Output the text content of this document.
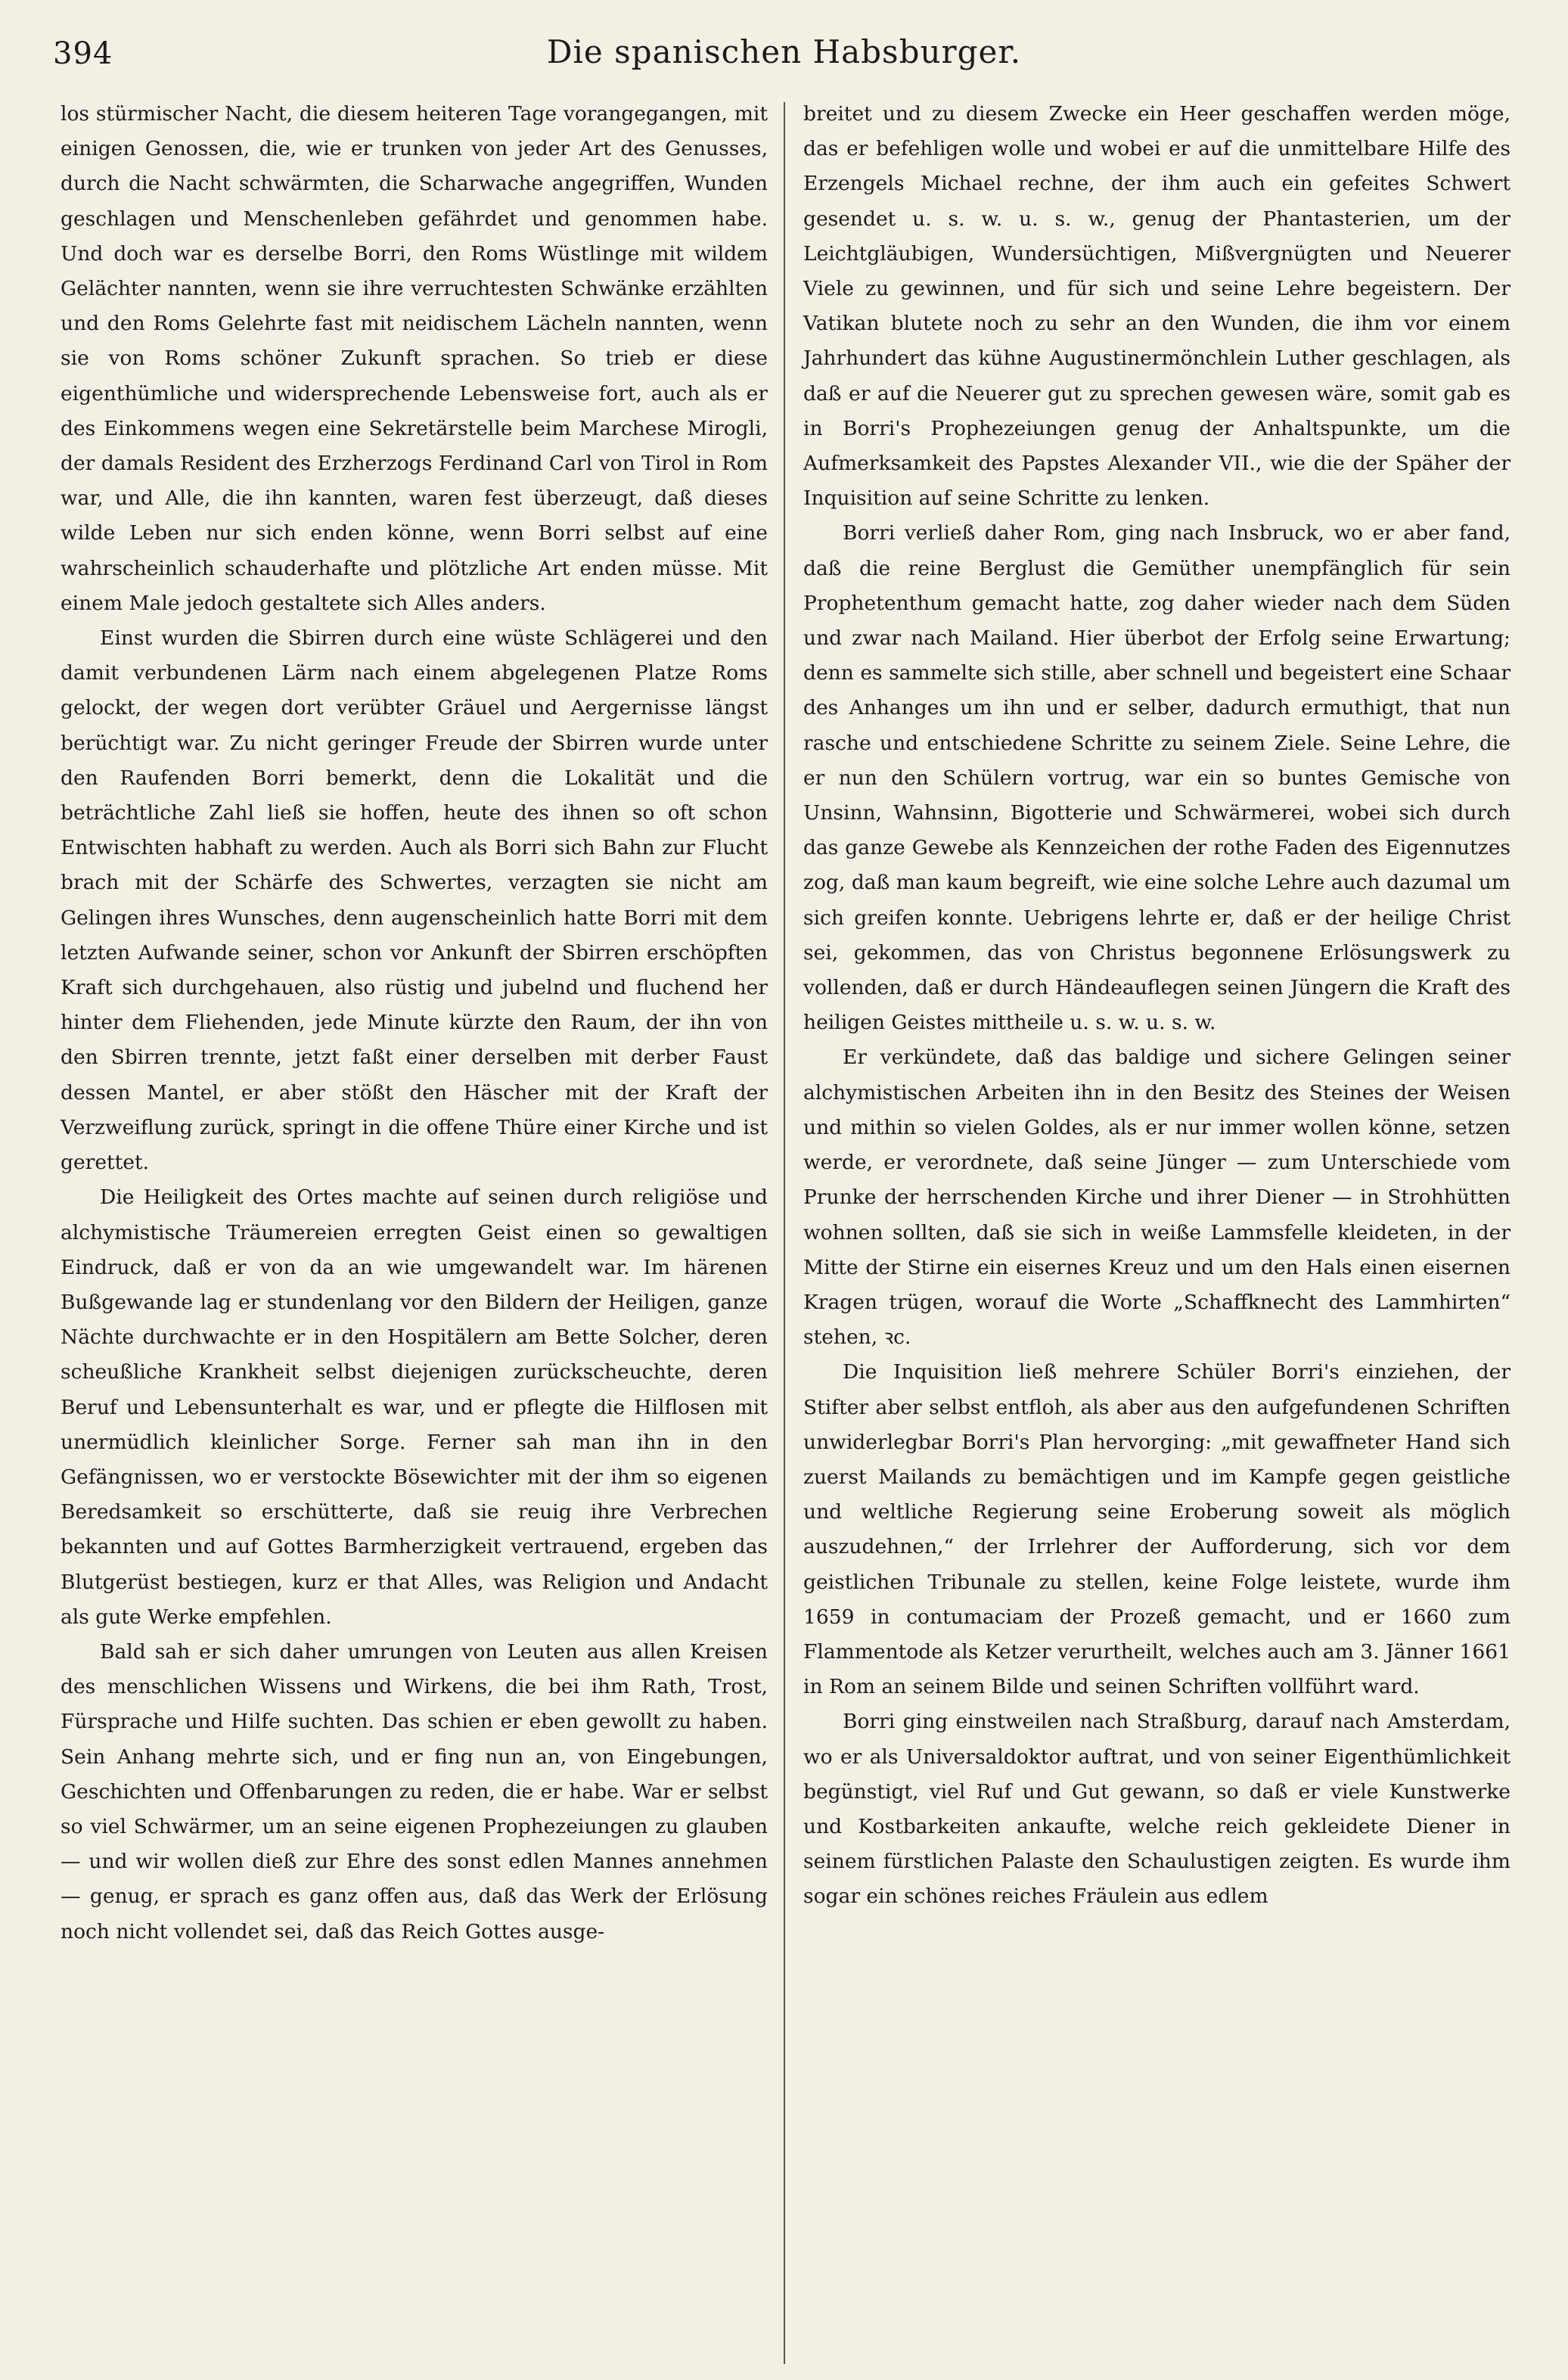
394	Die spanischen Habsburger.

los stürmischer Nacht, die diesem heiteren Tage vorangegangen, mit einigen Genossen, die, wie er trunken von jeder Art des Genusses, durch die Nacht schwärmten, die Scharwache angegriffen, Wunden geschlagen und Menschenleben gefährdet und genommen habe. Und doch war es derselbe Borri, den Roms Wüstlinge mit wildem Gelächter nannten, wenn sie ihre verruchtesten Schwänke erzählten und den Roms Gelehrte fast mit neidischem Lächeln nannten, wenn sie von Roms schöner Zukunft sprachen. So trieb er diese eigenthümliche und widersprechende Lebensweise fort, auch als er des Einkommens wegen eine Sekretärstelle beim Marchese Mirogli, der damals Resident des Erzherzogs Ferdinand Carl von Tirol in Rom war, und Alle, die ihn kannten, waren fest überzeugt, daß dieses wilde Leben nur sich enden könne, wenn Borri selbst auf eine wahrscheinlich schauderhafte und plötzliche Art enden müsse. Mit einem Male jedoch gestaltete sich Alles anders.

Einst wurden die Sbirren durch eine wüste Schlägerei und den damit verbundenen Lärm nach einem abgelegenen Platze Roms gelockt, der wegen dort verübter Gräuel und Aergernisse längst berüchtigt war. Zu nicht geringer Freude der Sbirren wurde unter den Raufenden Borri bemerkt, denn die Lokalität und die beträchtliche Zahl ließ sie hoffen, heute des ihnen so oft schon Entwischten habhaft zu werden. Auch als Borri sich Bahn zur Flucht brach mit der Schärfe des Schwertes, verzagten sie nicht am Gelingen ihres Wunsches, denn augenscheinlich hatte Borri mit dem letzten Aufwande seiner, schon vor Ankunft der Sbirren erschöpften Kraft sich durchgehauen, also rüstig und jubelnd und fluchend her hinter dem Fliehenden, jede Minute kürzte den Raum, der ihn von den Sbirren trennte, jetzt faßt einer derselben mit derber Faust dessen Mantel, er aber stößt den Häscher mit der Kraft der Verzweiflung zurück, springt in die offene Thüre einer Kirche und ist gerettet.

Die Heiligkeit des Ortes machte auf seinen durch religiöse und alchymistische Träumereien erregten Geist einen so gewaltigen Eindruck, daß er von da an wie umgewandelt war. Im härenen Bußgewande lag er stundenlang vor den Bildern der Heiligen, ganze Nächte durchwachte er in den Hospitälern am Bette Solcher, deren scheußliche Krankheit selbst diejenigen zurückscheuchte, deren Beruf und Lebensunterhalt es war, und er pflegte die Hilflosen mit unermüdlich kleinlicher Sorge. Ferner sah man ihn in den Gefängnissen, wo er verstockte Bösewichter mit der ihm so eigenen Beredsamkeit so erschütterte, daß sie reuig ihre Verbrechen bekannten und auf Gottes Barmherzigkeit vertrauend, ergeben das Blutgerüst bestiegen, kurz er that Alles, was Religion und Andacht als gute Werke empfehlen.

Bald sah er sich daher umrungen von Leuten aus allen Kreisen des menschlichen Wissens und Wirkens, die bei ihm Rath, Trost, Fürsprache und Hilfe suchten. Das schien er eben gewollt zu haben. Sein Anhang mehrte sich, und er fing nun an, von Eingebungen, Geschichten und Offenbarungen zu reden, die er habe. War er selbst so viel Schwärmer, um an seine eigenen Prophezeiungen zu glauben — und wir wollen dieß zur Ehre des sonst edlen Mannes annehmen — genug, er sprach es ganz offen aus, daß das Werk der Erlösung noch nicht vollendet sei, daß das Reich Gottes ausge-

breitet und zu diesem Zwecke ein Heer geschaffen werden möge, das er befehligen wolle und wobei er auf die unmittelbare Hilfe des Erzengels Michael rechne, der ihm auch ein gefeites Schwert gesendet u. s. w. u. s. w., genug der Phantasterien, um der Leichtgläubigen, Wundersüchtigen, Mißvergnügten und Neuerer Viele zu gewinnen, und für sich und seine Lehre begeistern. Der Vatikan blutete noch zu sehr an den Wunden, die ihm vor einem Jahrhundert das kühne Augustinermönchlein Luther geschlagen, als daß er auf die Neuerer gut zu sprechen gewesen wäre, somit gab es in Borri's Prophezeiungen genug der Anhaltspunkte, um die Aufmerksamkeit des Papstes Alexander VII., wie die der Späher der Inquisition auf seine Schritte zu lenken.

Borri verließ daher Rom, ging nach Insbruck, wo er aber fand, daß die reine Berglust die Gemüther unempfänglich für sein Prophetenthum gemacht hatte, zog daher wieder nach dem Süden und zwar nach Mailand. Hier überbot der Erfolg seine Erwartung; denn es sammelte sich stille, aber schnell und begeistert eine Schaar des Anhanges um ihn und er selber, dadurch ermuthigt, that nun rasche und entschiedene Schritte zu seinem Ziele. Seine Lehre, die er nun den Schülern vortrug, war ein so buntes Gemische von Unsinn, Wahnsinn, Bigotterie und Schwärmerei, wobei sich durch das ganze Gewebe als Kennzeichen der rothe Faden des Eigennutzes zog, daß man kaum begreift, wie eine solche Lehre auch dazumal um sich greifen konnte. Uebrigens lehrte er, daß er der heilige Christ sei, gekommen, das von Christus begonnene Erlösungswerk zu vollenden, daß er durch Händeauflegen seinen Jüngern die Kraft des heiligen Geistes mittheile u. s. w. u. s. w.

Er verkündete, daß das baldige und sichere Gelingen seiner alchymistischen Arbeiten ihn in den Besitz des Steines der Weisen und mithin so vielen Goldes, als er nur immer wollen könne, setzen werde, er verordnete, daß seine Jünger — zum Unterschiede vom Prunke der herrschenden Kirche und ihrer Diener — in Strohhütten wohnen sollten, daß sie sich in weiße Lammsfelle kleideten, in der Mitte der Stirne ein eisernes Kreuz und um den Hals einen eisernen Kragen trügen, worauf die Worte „Schaffknecht des Lammhirten“ stehen, ꝛc.

Die Inquisition ließ mehrere Schüler Borri's einziehen, der Stifter aber selbst entfloh, als aber aus den aufgefundenen Schriften unwiderlegbar Borri's Plan hervorging: „mit gewaffneter Hand sich zuerst Mailands zu bemächtigen und im Kampfe gegen geistliche und weltliche Regierung seine Eroberung soweit als möglich auszudehnen,“ der Irrlehrer der Aufforderung, sich vor dem geistlichen Tribunale zu stellen, keine Folge leistete, wurde ihm 1659 in contumaciam der Prozeß gemacht, und er 1660 zum Flammentode als Ketzer verurtheilt, welches auch am 3. Jänner 1661 in Rom an seinem Bilde und seinen Schriften vollführt ward.

Borri ging einstweilen nach Straßburg, darauf nach Amsterdam, wo er als Universaldoktor auftrat, und von seiner Eigenthümlichkeit begünstigt, viel Ruf und Gut gewann, so daß er viele Kunstwerke und Kostbarkeiten ankaufte, welche reich gekleidete Diener in seinem fürstlichen Palaste den Schaulustigen zeigten. Es wurde ihm sogar ein schönes reiches Fräulein aus edlem
